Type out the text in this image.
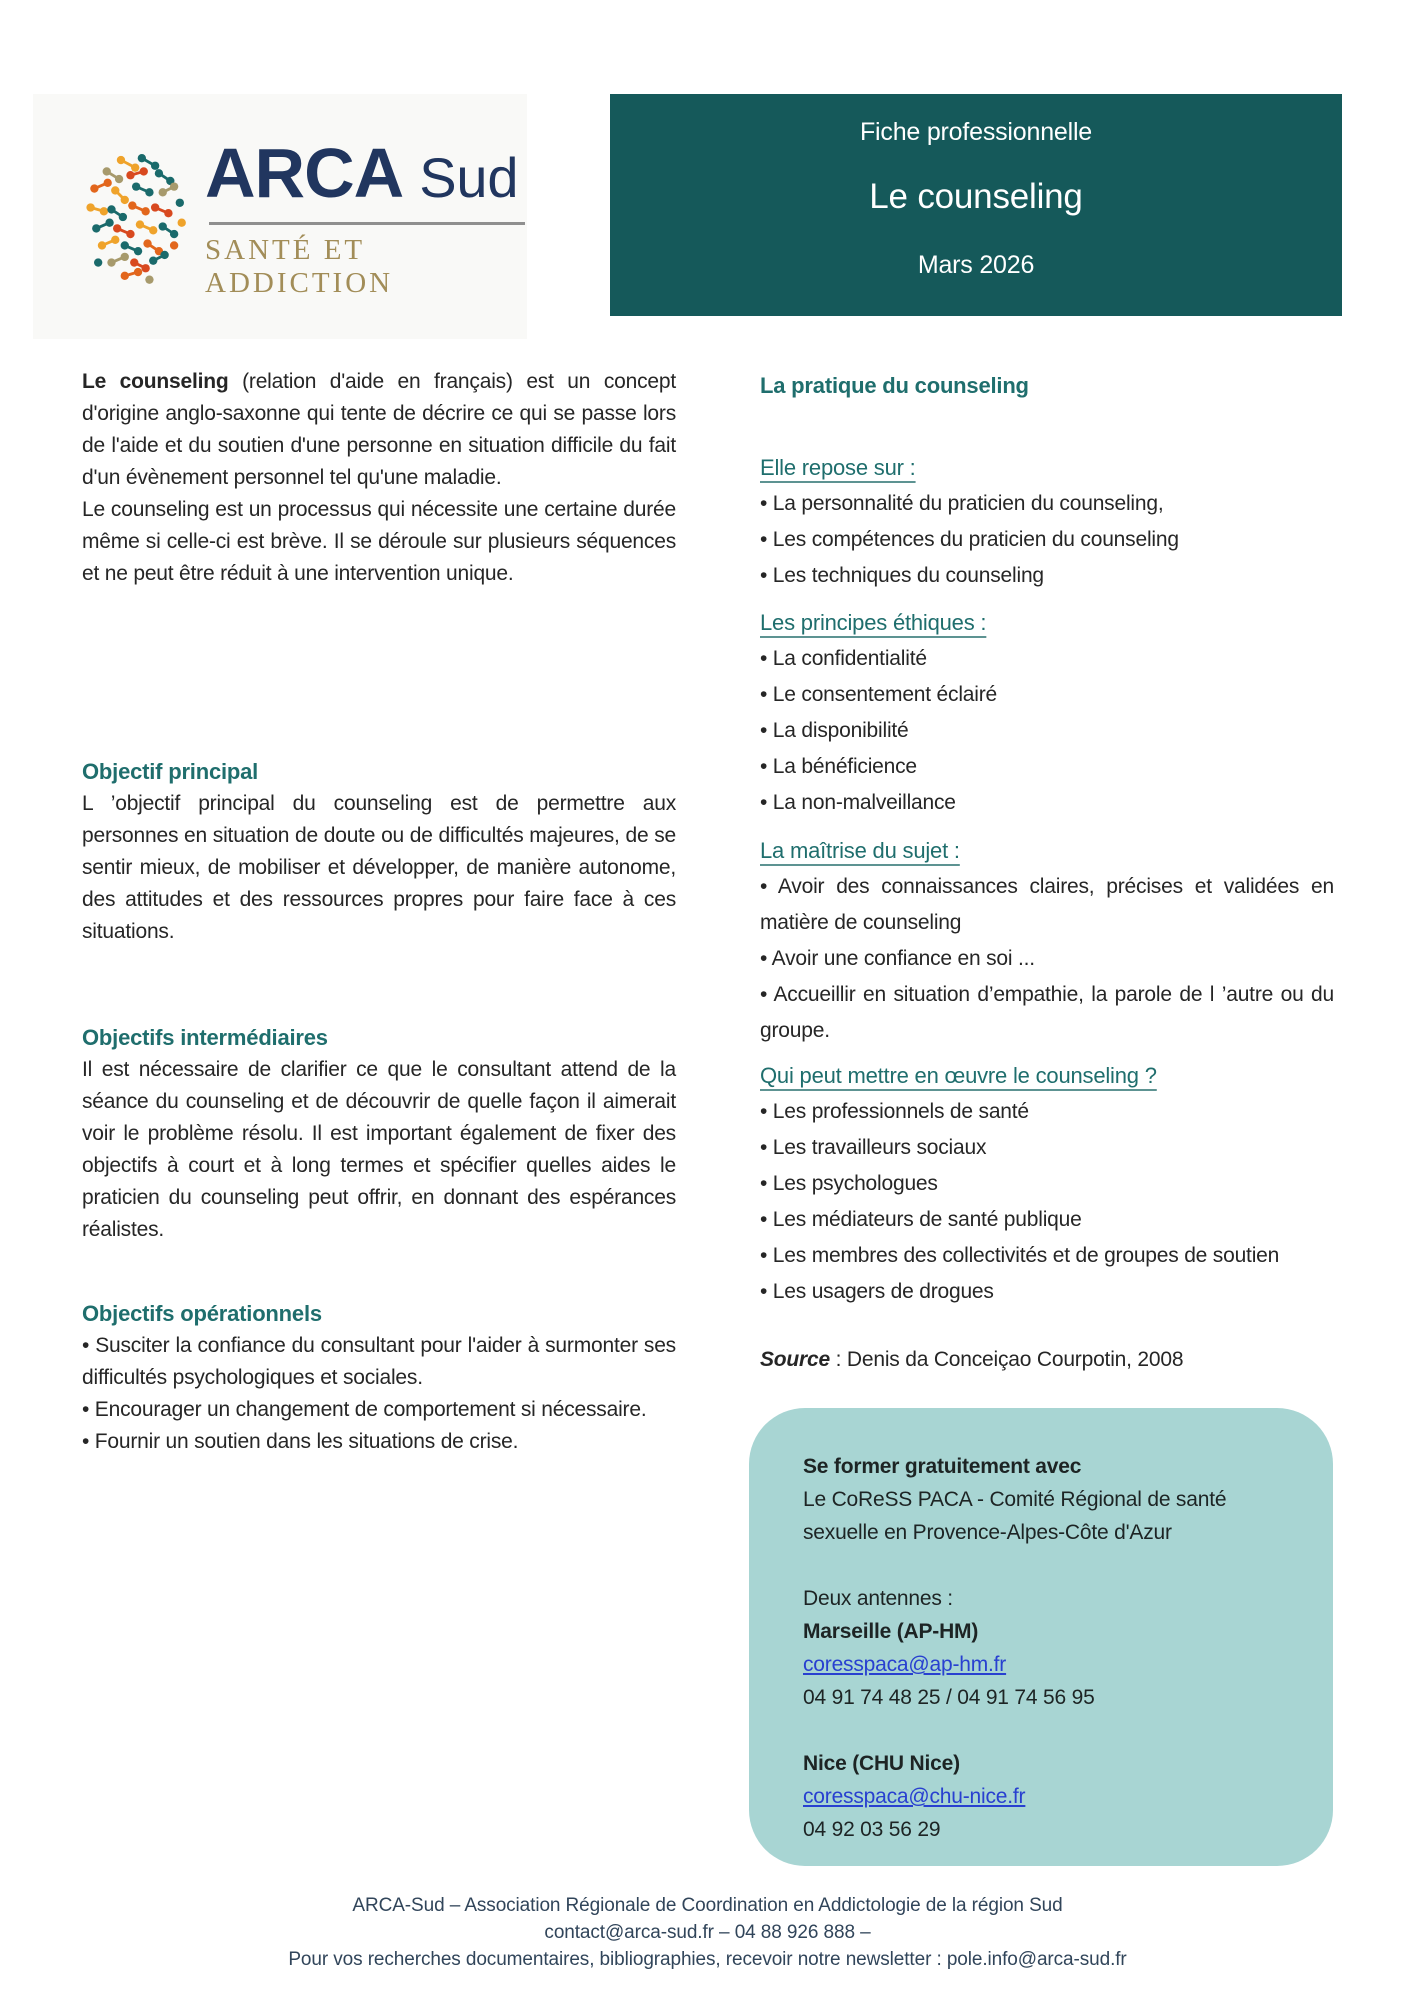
ARCA Sud
SANTÉ ET ADDICTION
Fiche professionnelle
Le counseling
Mars 2026

Le counseling (relation d'aide en français) est un concept d'origine anglo-saxonne qui tente de décrire ce qui se passe lors de l'aide et du soutien d'une personne en situation difficile du fait d'un évènement personnel tel qu'une maladie.

Le counseling est un processus qui nécessite une certaine durée même si celle-ci est brève. Il se déroule sur plusieurs séquences et ne peut être réduit à une intervention unique.

Objectif principal

L ’objectif principal du counseling est de permettre aux personnes en situation de doute ou de difficultés majeures, de se sentir mieux, de mobiliser et développer, de manière autonome, des attitudes et des ressources propres pour faire face à ces situations.

Objectifs intermédiaires

Il est nécessaire de clarifier ce que le consultant attend de la séance du counseling et de découvrir de quelle façon il aimerait voir le problème résolu. Il est important également de fixer des objectifs à court et à long termes et spécifier quelles aides le praticien du counseling peut offrir, en donnant des espérances réalistes.

Objectifs opérationnels

• Susciter la confiance du consultant pour l'aider à surmonter ses difficultés psychologiques et sociales.

• Encourager un changement de comportement si nécessaire.

• Fournir un soutien dans les situations de crise.

La pratique du counseling
Elle repose sur :

• La personnalité du praticien du counseling,

• Les compétences du praticien du counseling

• Les techniques du counseling

Les principes éthiques :

• La confidentialité

• Le consentement éclairé

• La disponibilité

• La bénéficience

• La non-malveillance

La maîtrise du sujet :

• Avoir des connaissances claires, précises et validées en matière de counseling

• Avoir une confiance en soi ...

• Accueillir en situation d’empathie, la parole de l ’autre ou du groupe.

Qui peut mettre en œuvre le counseling ?

• Les professionnels de santé

• Les travailleurs sociaux

• Les psychologues

• Les médiateurs de santé publique

• Les membres des collectivités et de groupes de soutien

• Les usagers de drogues

Source : Denis da Conceiçao Courpotin, 2008
Se former gratuitement avec
Le CoReSS PACA - Comité Régional de santé sexuelle en Provence-Alpes-Côte d'Azur
Deux antennes :
Marseille (AP-HM)
coresspaca@ap-hm.fr
04 91 74 48 25 / 04 91 74 56 95
Nice (CHU Nice)
coresspaca@chu-nice.fr
04 92 03 56 29
ARCA-Sud – Association Régionale de Coordination en Addictologie de la région Sud
contact@arca-sud.fr – 04 88 926 888 –
Pour vos recherches documentaires, bibliographies, recevoir notre newsletter : pole.info@arca-sud.fr
